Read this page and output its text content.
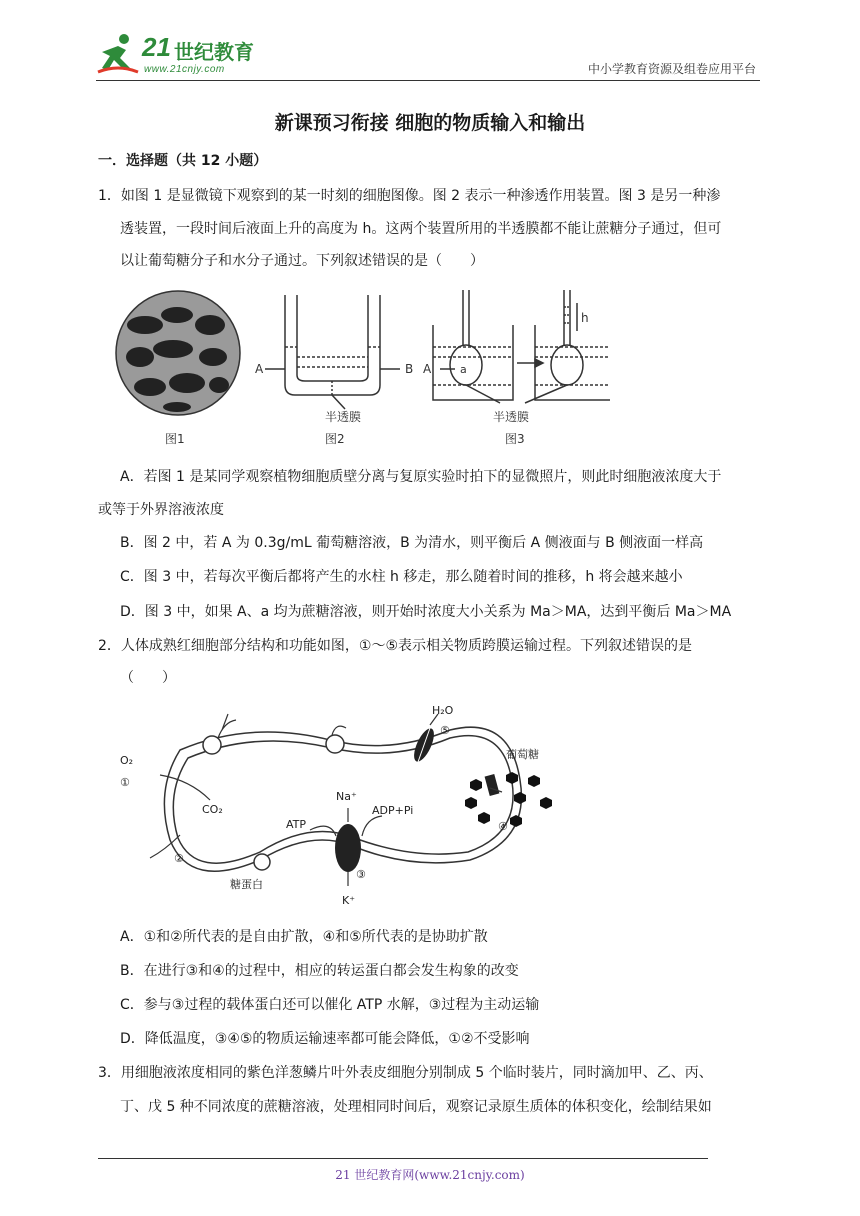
21 世纪教育
www.21cnjy.com	中小学教育资源及组卷应用平台
新课预习衔接 细胞的物质输入和输出
一．选择题（共 12 小题）
1．如图 1 是显微镜下观察到的某一时刻的细胞图像。图 2 表示一种渗透作用装置。图 3 是另一种渗
透装置，一段时间后液面上升的高度为 h。这两个装置所用的半透膜都不能让蔗糖分子通过，但可
以让葡萄糖分子和水分子通过。下列叙述错误的是（　　）
图1
A	B
半透膜
图2
A	a
h
半透膜
图3
A．若图 1 是某同学观察植物细胞质壁分离与复原实验时拍下的显微照片，则此时细胞液浓度大于
或等于外界溶液浓度
B．图 2 中，若 A 为 0.3g/mL 葡萄糖溶液，B 为清水，则平衡后 A 侧液面与 B 侧液面一样高
C．图 3 中，若每次平衡后都将产生的水柱 h 移走，那么随着时间的推移，h 将会越来越小
D．图 3 中，如果 A、a 均为蔗糖溶液，则开始时浓度大小关系为 Ma＞MA，达到平衡后 Ma＞MA
2．人体成熟红细胞部分结构和功能如图，①～⑤表示相关物质跨膜运输过程。下列叙述错误的是
（　　）
H₂O
⑤
O₂
①
CO₂
②
葡萄糖
④
Na⁺
ATP
ADP+Pi
③
K⁺
糖蛋白
A．①和②所代表的是自由扩散，④和⑤所代表的是协助扩散
B．在进行③和④的过程中，相应的转运蛋白都会发生构象的改变
C．参与③过程的载体蛋白还可以催化 ATP 水解，③过程为主动运输
D．降低温度，③④⑤的物质运输速率都可能会降低，①②不受影响
3．用细胞液浓度相同的紫色洋葱鳞片叶外表皮细胞分别制成 5 个临时装片，同时滴加甲、乙、丙、
丁、戊 5 种不同浓度的蔗糖溶液，处理相同时间后，观察记录原生质体的体积变化，绘制结果如
21 世纪教育网(www.21cnjy.com)
